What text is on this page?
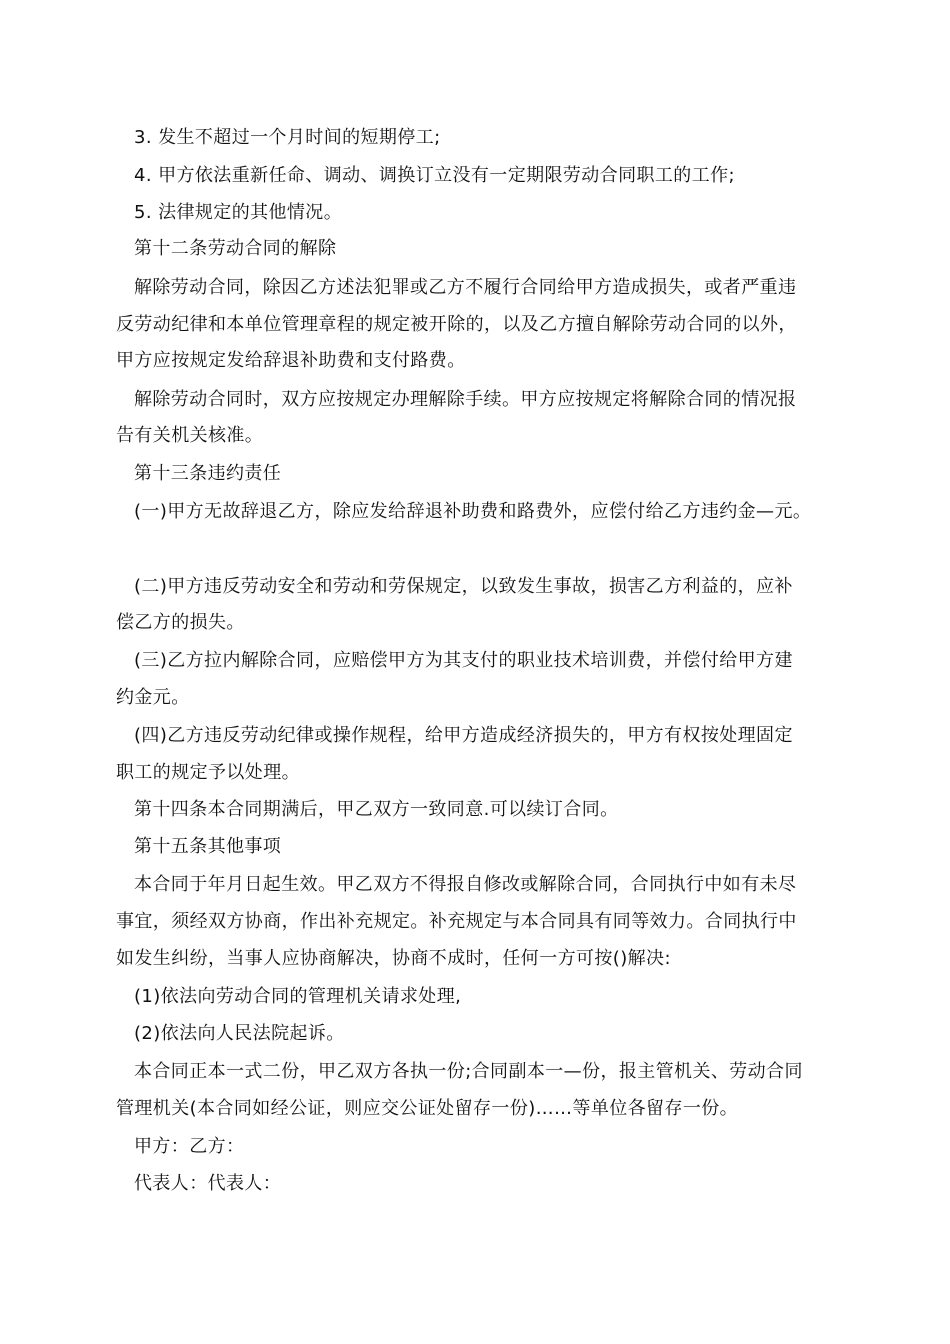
3. 发生不超过一个月时间的短期停工;
4. 甲方依法重新任命、调动、调换订立没有一定期限劳动合同职工的工作;
5. 法律规定的其他情况。
第十二条劳动合同的解除
解除劳动合同，除因乙方述法犯罪或乙方不履行合同给甲方造成损失，或者严重违
反劳动纪律和本单位管理章程的规定被开除的，以及乙方擅自解除劳动合同的以外，
甲方应按规定发给辞退补助费和支付路费。
解除劳动合同时，双方应按规定办理解除手续。甲方应按规定将解除合同的情况报
告有关机关核准。
第十三条违约责任
(一)甲方无故辞退乙方，除应发给辞退补助费和路费外，应偿付给乙方违约金—元。
(二)甲方违反劳动安全和劳动和劳保规定，以致发生事故，损害乙方利益的，应补
偿乙方的损失。
(三)乙方拉内解除合同，应赔偿甲方为其支付的职业技术培训费，并偿付给甲方建
约金元。
(四)乙方违反劳动纪律或操作规程，给甲方造成经济损失的，甲方有权按处理固定
职工的规定予以处理。
第十四条本合同期满后，甲乙双方一致同意.可以续订合同。
第十五条其他事项
本合同于年月日起生效。甲乙双方不得报自修改或解除合同，合同执行中如有未尽
事宜，须经双方协商，作出补充规定。补充规定与本合同具有同等效力。合同执行中
如发生纠纷，当事人应协商解决，协商不成时，任何一方可按()解决:
(1)依法向劳动合同的管理机关请求处理,
(2)依法向人民法院起诉。
本合同正本一式二份，甲乙双方各执一份;合同副本一—份，报主管机关、劳动合同
管理机关(本合同如经公证，则应交公证处留存一份)……等单位各留存一份。
甲方：乙方：
代表人：代表人：
